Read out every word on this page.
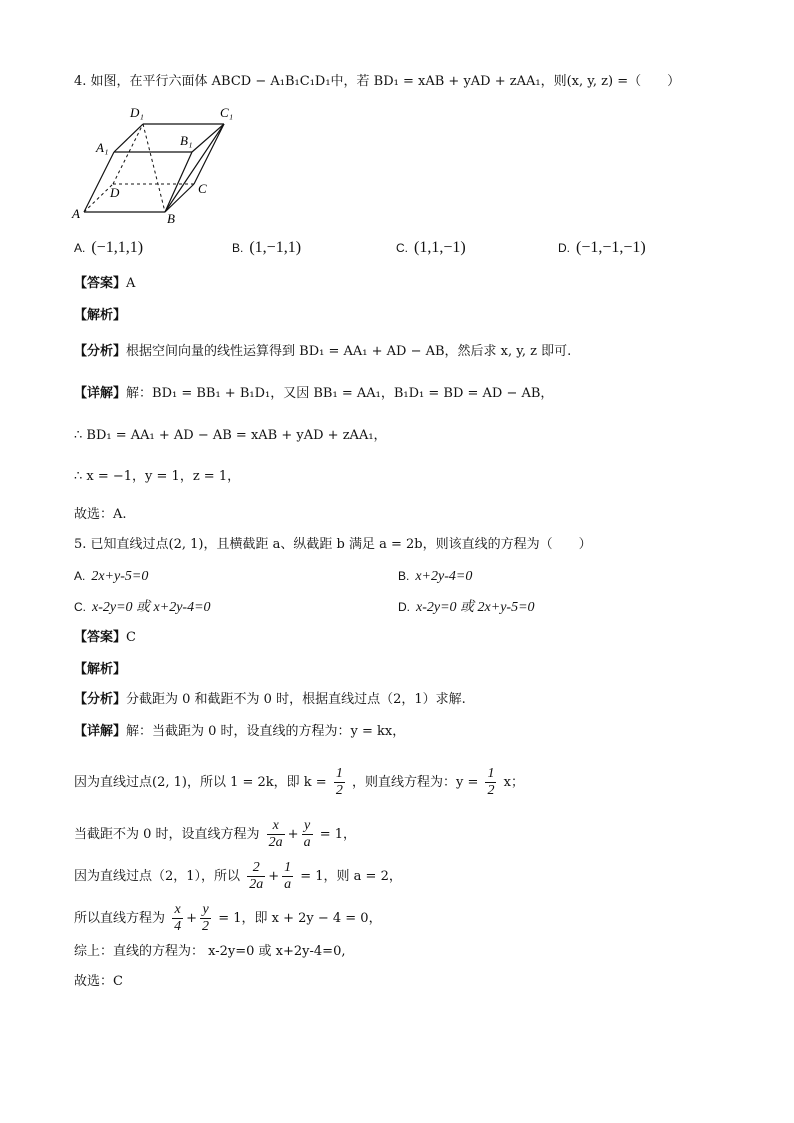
4. 如图，在平行六面体 ABCD − A₁B₁C₁D₁中，若 BD₁ = xAB + yAD + zAA₁，则(x, y, z) =（　　）
D₁	C₁
A₁	B₁
D	C
A	B
A. (−1,1,1)	B. (1,−1,1)	C. (1,1,−1)	D. (−1,−1,−1)
【答案】A
【解析】
【分析】根据空间向量的线性运算得到 BD₁ = AA₁ + AD − AB，然后求 x, y, z 即可.
【详解】解：BD₁ = BB₁ + B₁D₁，又因 BB₁ = AA₁，B₁D₁ = BD = AD − AB，
∴ BD₁ = AA₁ + AD − AB = xAB + yAD + zAA₁，
∴ x = −1，y = 1，z = 1，
故选：A.
5. 已知直线过点(2, 1)，且横截距 a、纵截距 b 满足 a = 2b，则该直线的方程为（　　）
A. 2x+y-5=0	B. x+2y-4=0
C. x-2y=0 或 x+2y-4=0	D. x-2y=0 或 2x+y-5=0
【答案】C
【解析】
【分析】分截距为 0 和截距不为 0 时，根据直线过点（2，1）求解.
【详解】解：当截距为 0 时，设直线的方程为：y = kx，
因为直线过点(2, 1)，所以 1 = 2k，即 $k = \frac{1}{2}$ ，则直线方程为：$y = \frac{1}{2}$ x；
当截距不为 0 时，设直线方程为 $\frac{x}{2a} + \frac{y}{a} = 1$，
因为直线过点（2，1），所以 $\frac{2}{2a} + \frac{1}{a} = 1$，则 a = 2，
所以直线方程为 $\frac{x}{4} + \frac{y}{2} = 1$，即 x + 2y − 4 = 0，
综上：直线的方程为： x-2y=0 或 x+2y-4=0,
故选：C
